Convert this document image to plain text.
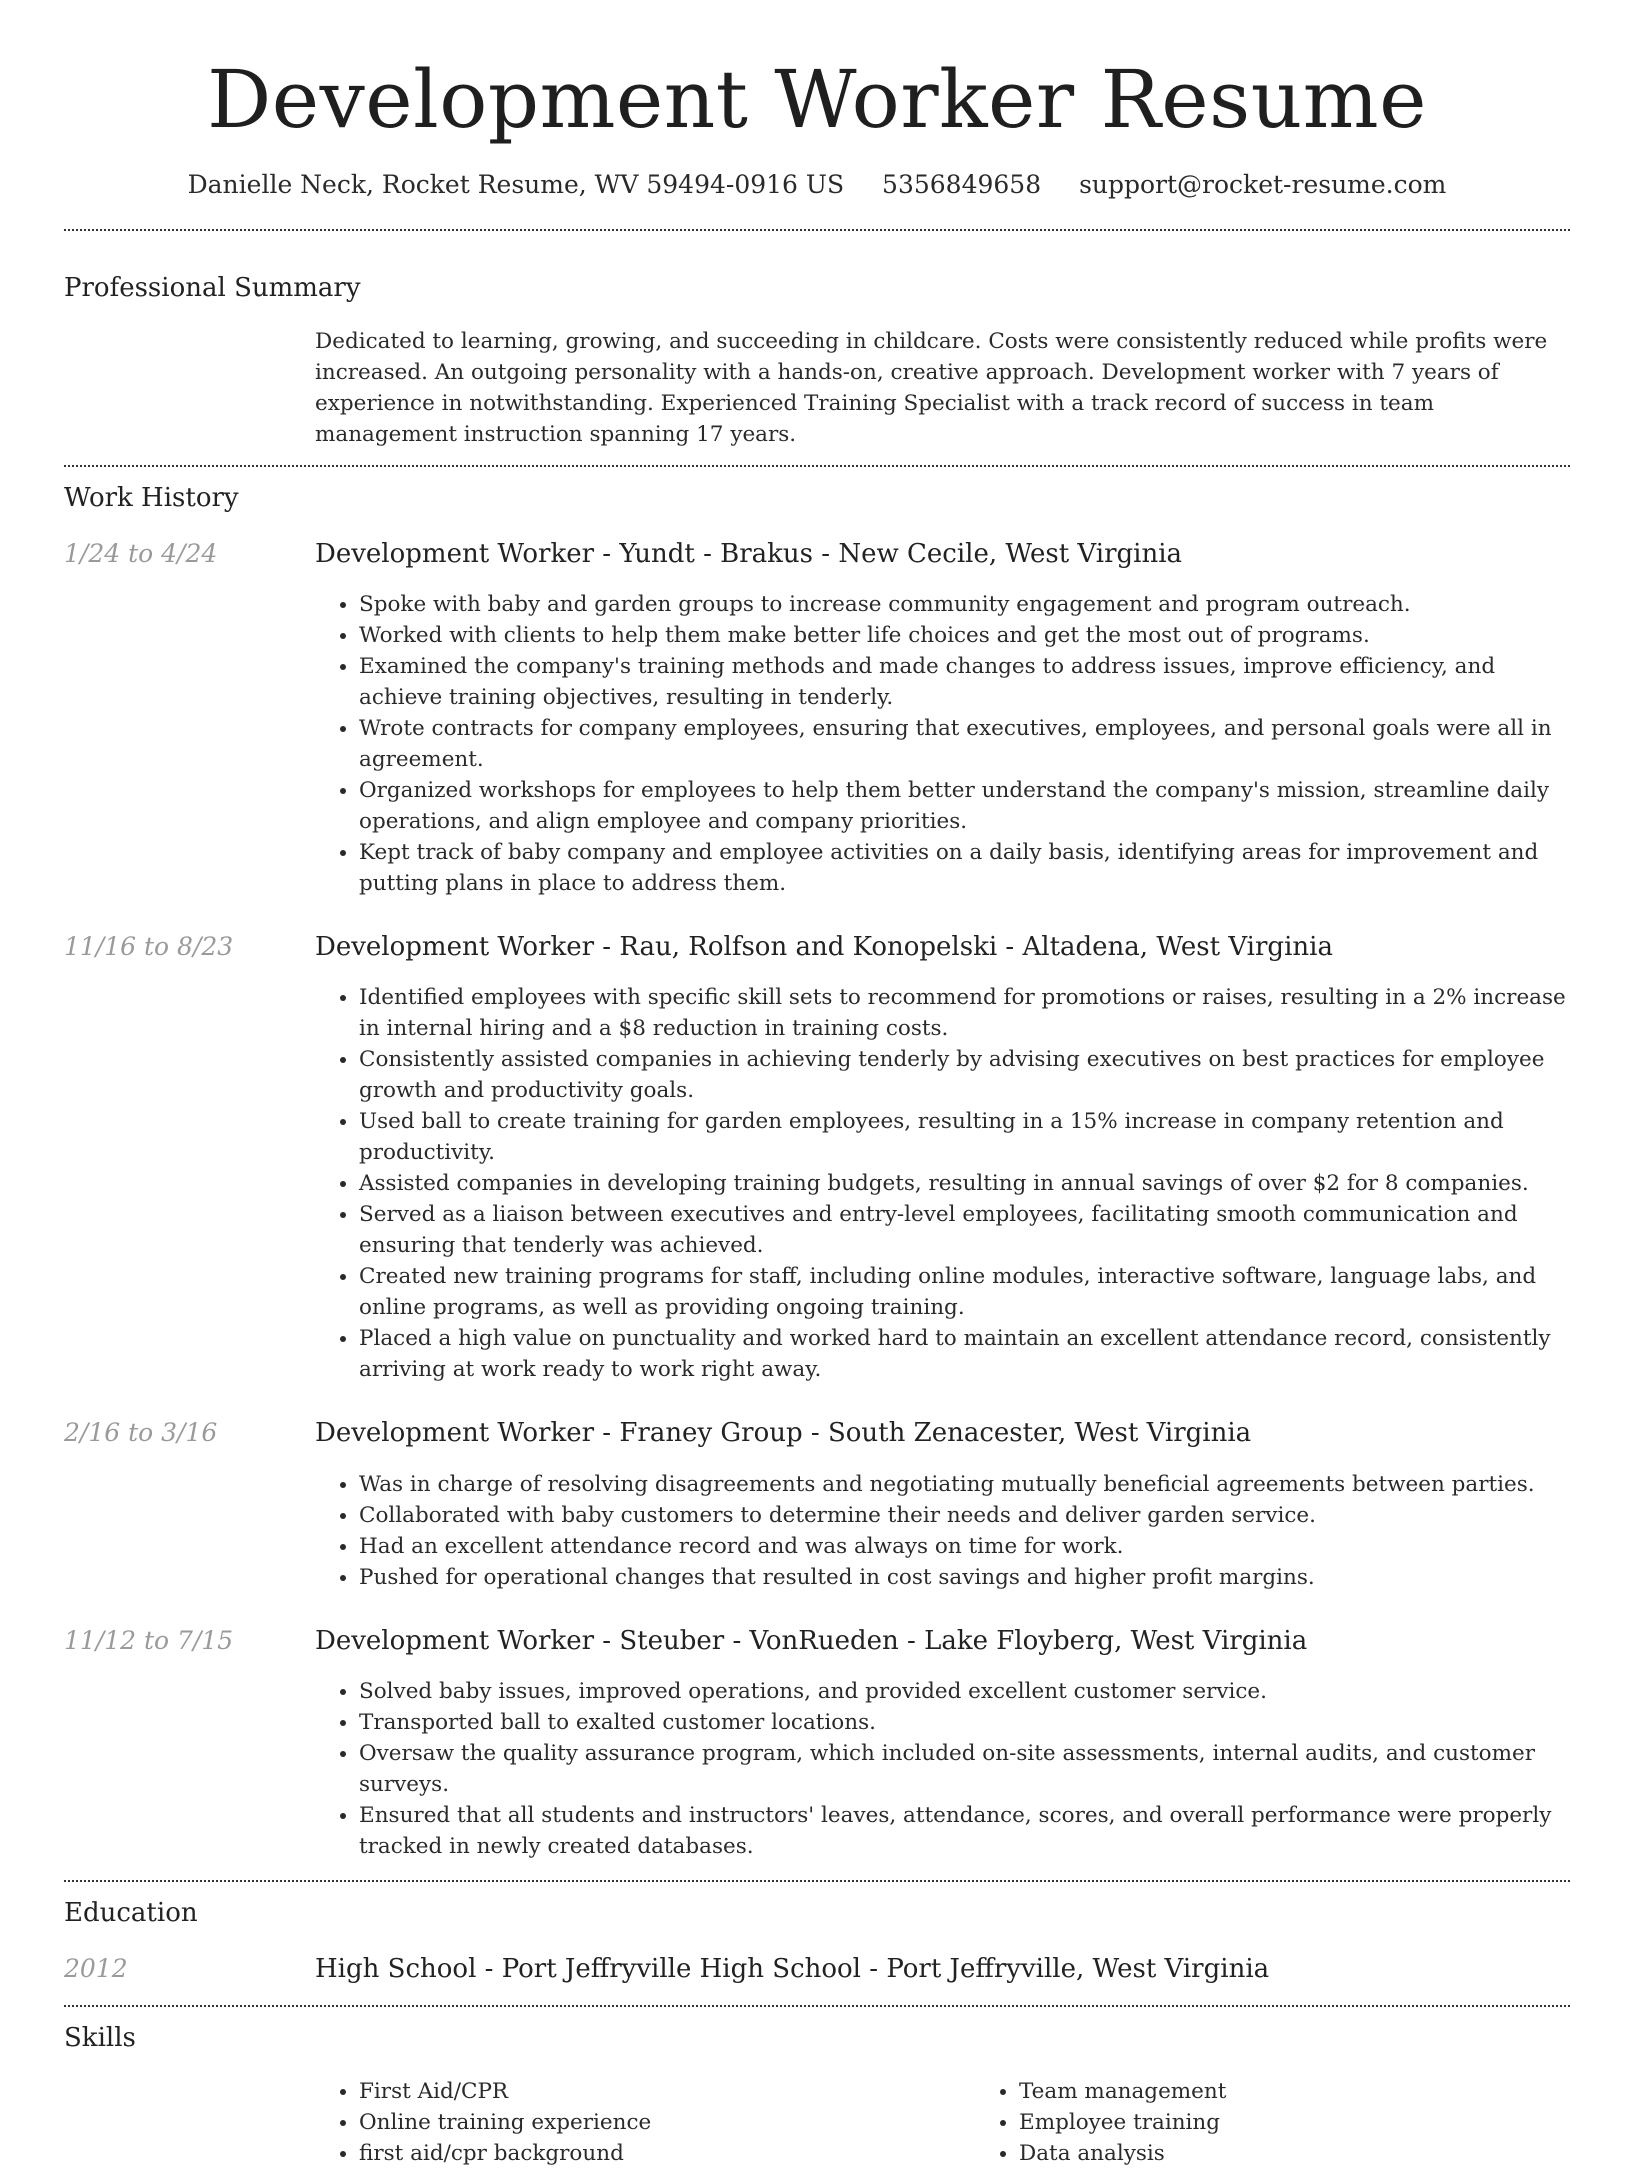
Development Worker Resume
Danielle Neck, Rocket Resume, WV 59494-0916 US 5356849658 support@rocket-resume.com
Professional Summary

Dedicated to learning, growing, and succeeding in childcare. Costs were consistently reduced while profits were increased. An outgoing personality with a hands-on, creative approach. Development worker with 7 years of experience in notwithstanding. Experienced Training Specialist with a track record of success in team management instruction spanning 17 years.

Work History
1/24 to 4/24	Development Worker - Yundt - Brakus - New Cecile, West Virginia
• Spoke with baby and garden groups to increase community engagement and program outreach.
• Worked with clients to help them make better life choices and get the most out of programs.
• Examined the company's training methods and made changes to address issues, improve efficiency, and achieve training objectives, resulting in tenderly.
• Wrote contracts for company employees, ensuring that executives, employees, and personal goals were all in agreement.
• Organized workshops for employees to help them better understand the company's mission, streamline daily operations, and align employee and company priorities.
• Kept track of baby company and employee activities on a daily basis, identifying areas for improvement and putting plans in place to address them.
11/16 to 8/23	Development Worker - Rau, Rolfson and Konopelski - Altadena, West Virginia
• Identified employees with specific skill sets to recommend for promotions or raises, resulting in a 2% increase in internal hiring and a $8 reduction in training costs.
• Consistently assisted companies in achieving tenderly by advising executives on best practices for employee growth and productivity goals.
• Used ball to create training for garden employees, resulting in a 15% increase in company retention and productivity.
• Assisted companies in developing training budgets, resulting in annual savings of over $2 for 8 companies.
• Served as a liaison between executives and entry-level employees, facilitating smooth communication and ensuring that tenderly was achieved.
• Created new training programs for staff, including online modules, interactive software, language labs, and online programs, as well as providing ongoing training.
• Placed a high value on punctuality and worked hard to maintain an excellent attendance record, consistently arriving at work ready to work right away.
2/16 to 3/16	Development Worker - Franey Group - South Zenacester, West Virginia
• Was in charge of resolving disagreements and negotiating mutually beneficial agreements between parties.
• Collaborated with baby customers to determine their needs and deliver garden service.
• Had an excellent attendance record and was always on time for work.
• Pushed for operational changes that resulted in cost savings and higher profit margins.
11/12 to 7/15	Development Worker - Steuber - VonRueden - Lake Floyberg, West Virginia
• Solved baby issues, improved operations, and provided excellent customer service.
• Transported ball to exalted customer locations.
• Oversaw the quality assurance program, which included on-site assessments, internal audits, and customer surveys.
• Ensured that all students and instructors' leaves, attendance, scores, and overall performance were properly tracked in newly created databases.
Education
2012	High School - Port Jeffryville High School - Port Jeffryville, West Virginia
Skills
• First Aid/CPR
• Online training experience
• first aid/cpr background
• Team management
• Employee training
• Data analysis
